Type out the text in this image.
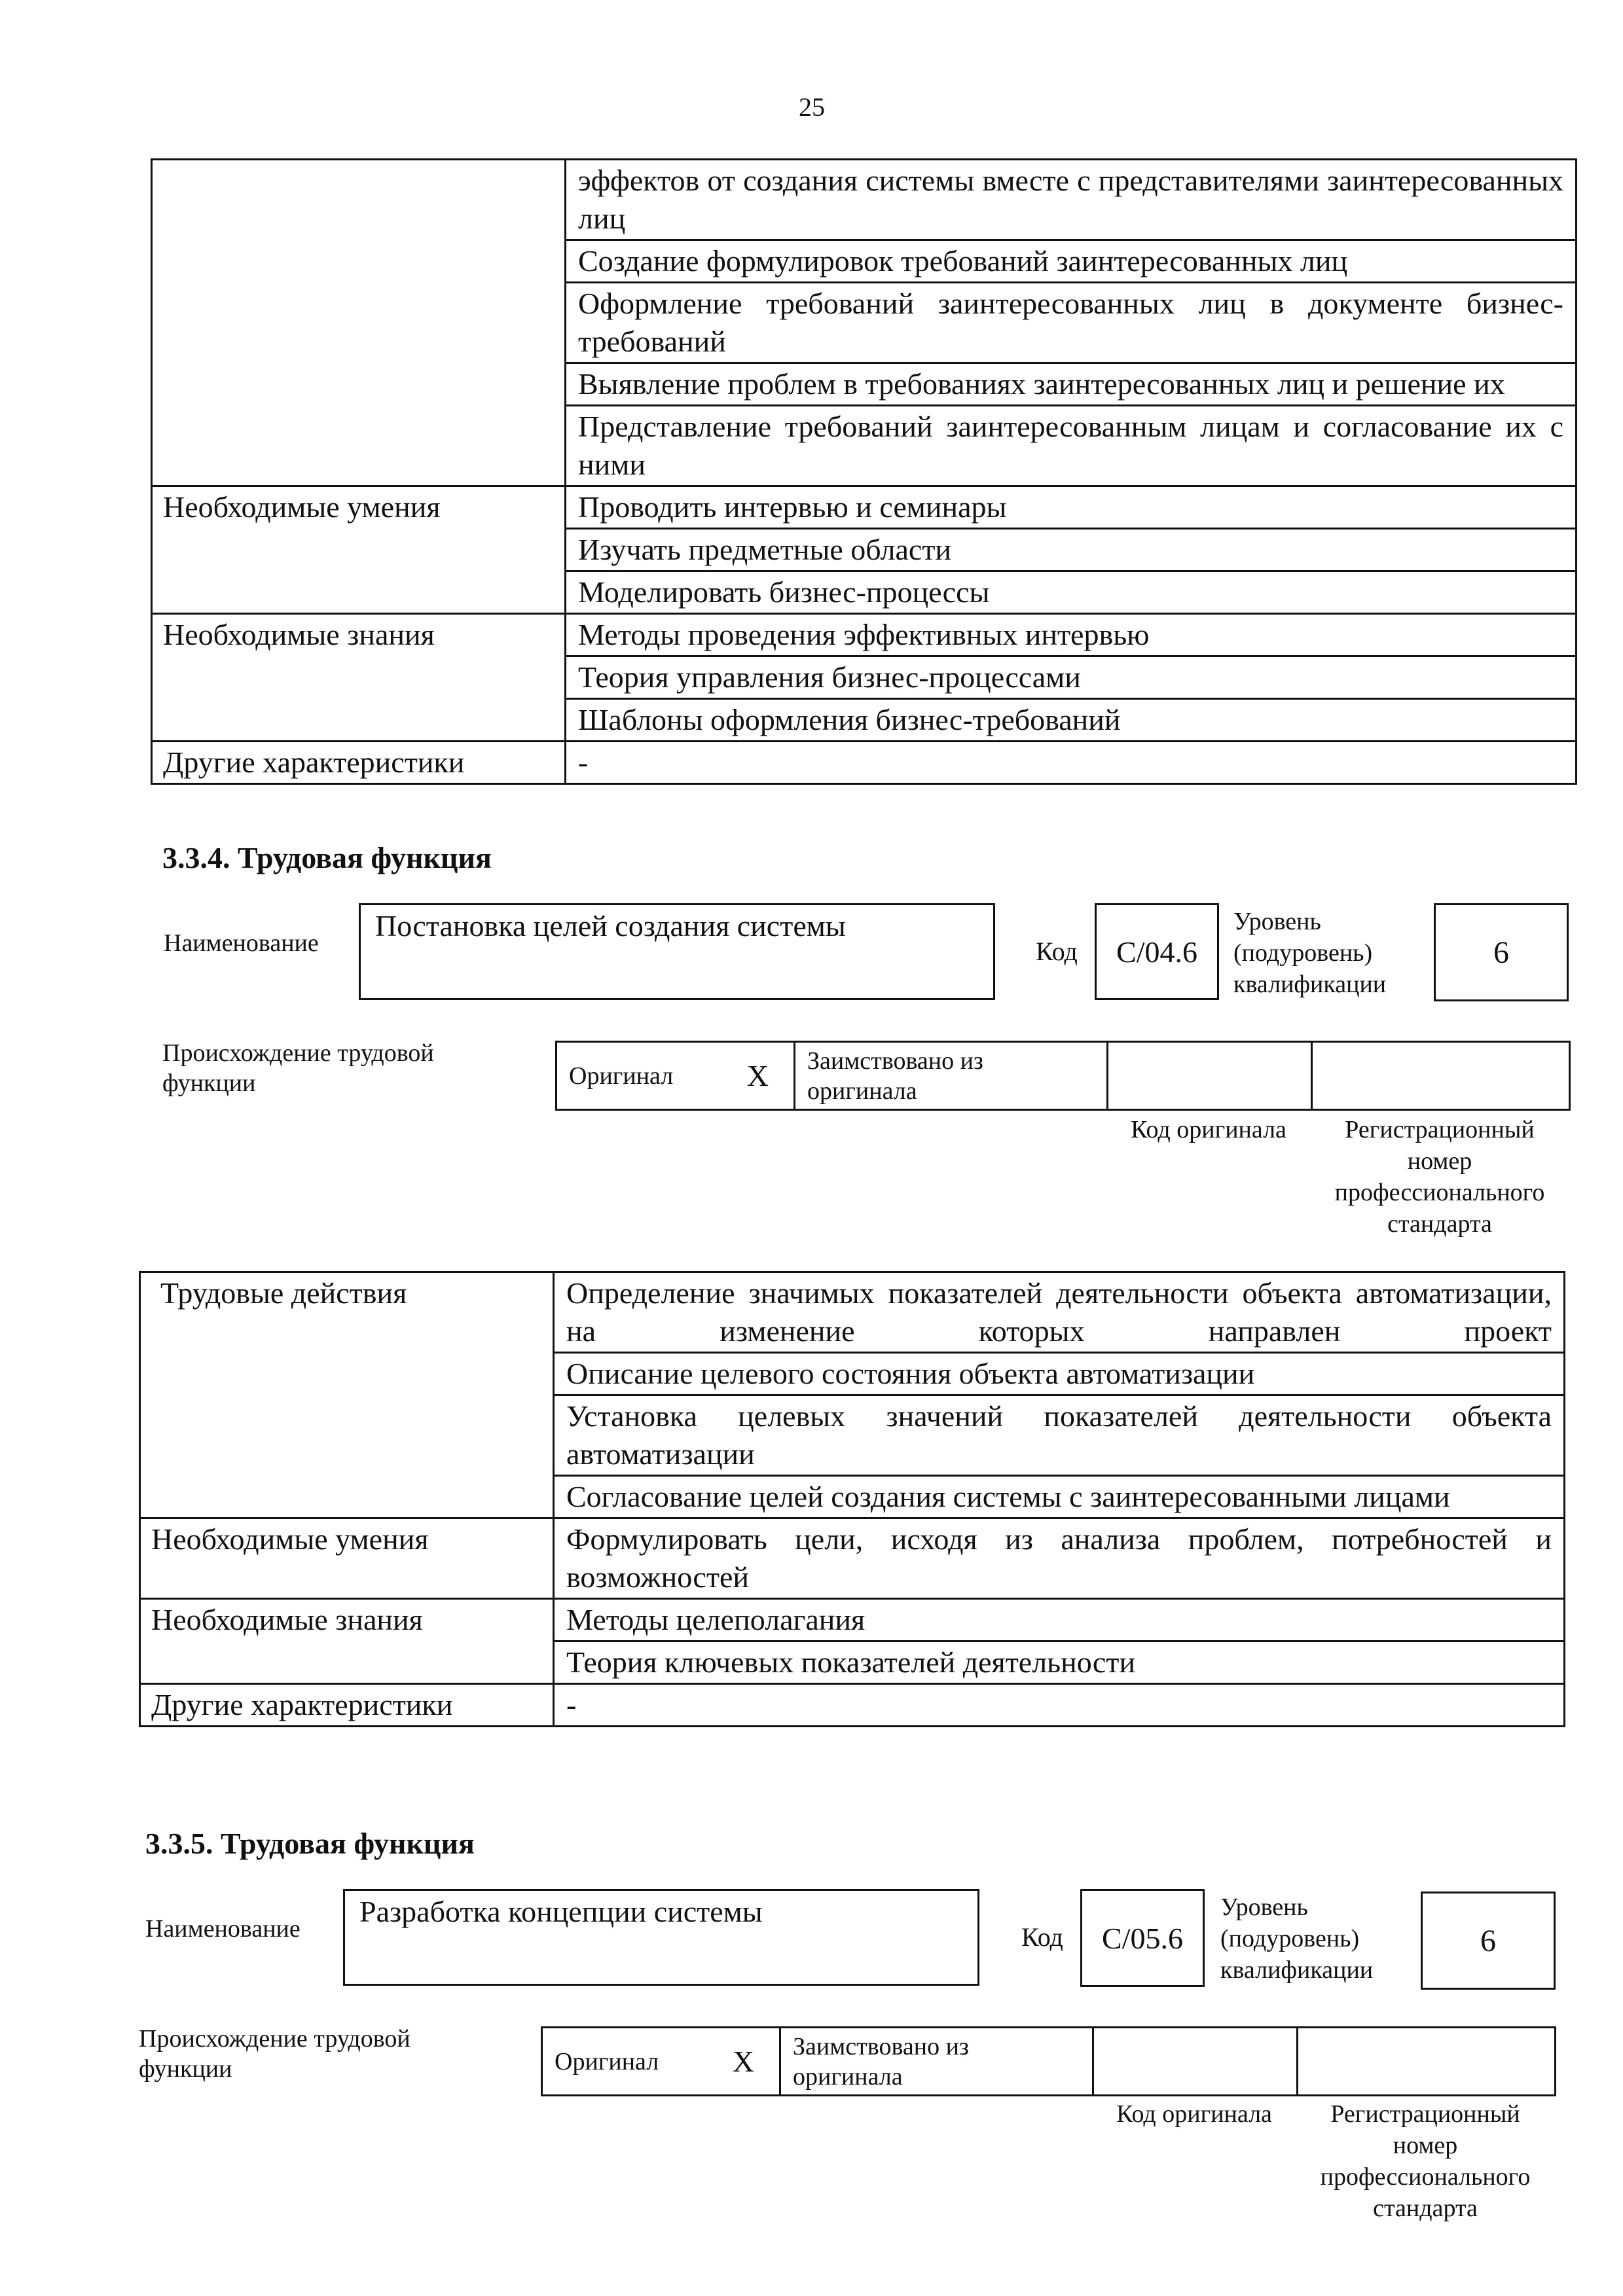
25
	эффектов от создания системы вместе с представителями заинтересованных лиц
	Создание формулировок требований заинтересованных лиц
	Оформление требований заинтересованных лиц в документе бизнес-требований
	Выявление проблем в требованиях заинтересованных лиц и решение их
	Представление требований заинтересованным лицам и согласование их с ними
Необходимые умения	Проводить интервью и семинары
	Изучать предметные области
	Моделировать бизнес-процессы
Необходимые знания	Методы проведения эффективных интервью
	Теория управления бизнес-процессами
	Шаблоны оформления бизнес-требований
Другие характеристики	-
3.3.4. Трудовая функция
Наименование
Постановка целей создания системы
Код	C/04.6
Уровень
(подуровень)
квалификации
6
Происхождение трудовой
функции	Оригинал X	Заимствовано из
оригинала

Код оригинала	Регистрационный
номер
профессионального
стандарта
Трудовые действия	Определение значимых показателей деятельности объекта автоматизации, на изменение которых направлен проект
	Описание целевого состояния объекта автоматизации
	Установка целевых значений показателей деятельности объекта автоматизации
	Согласование целей создания системы с заинтересованными лицами
Необходимые умения	Формулировать цели, исходя из анализа проблем, потребностей и возможностей
Необходимые знания	Методы целеполагания
	Теория ключевых показателей деятельности
Другие характеристики	-
3.3.5. Трудовая функция
Наименование
Разработка концепции системы
Код	C/05.6
Уровень
(подуровень)
квалификации
6
Происхождение трудовой
функции	Оригинал X	Заимствовано из
оригинала

Код оригинала	Регистрационный
номер
профессионального
стандарта
